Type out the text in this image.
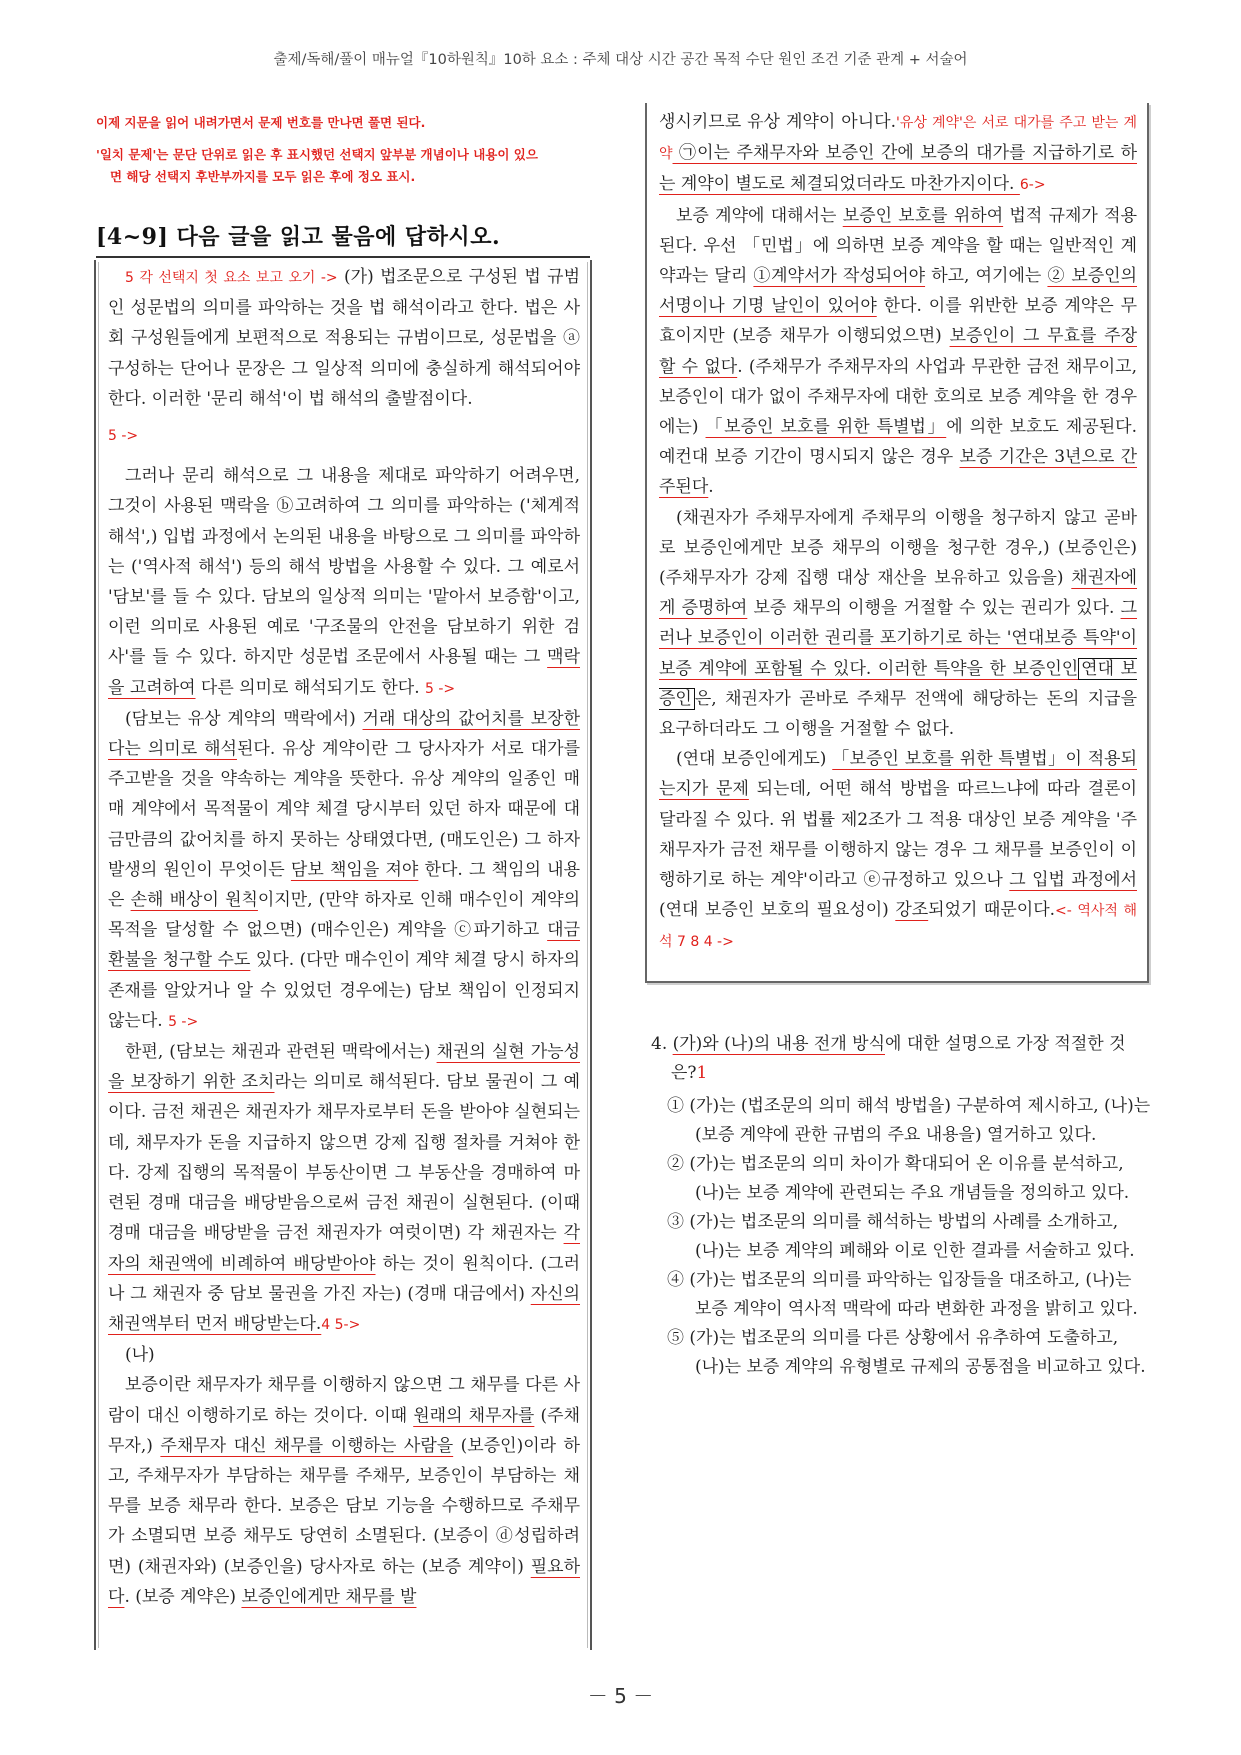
출제/독해/풀이 매뉴얼『10하원칙』10하 요소 : 주체 대상 시간 공간 목적 수단 원인 조건 기준 관계 + 서술어
이제 지문을 읽어 내려가면서 문제 번호를 만나면 풀면 된다.
'일치 문제'는 문단 단위로 읽은 후 표시했던 선택지 앞부분 개념이나 내용이 있으
면 해당 선택지 후반부까지를 모두 읽은 후에 정오 표시.
[4~9] 다음 글을 읽고 물음에 답하시오.

5 각 선택지 첫 요소 보고 오기 -> (가) 법조문으로 구성된 법 규범인 성문법의 의미를 파악하는 것을 법 해석이라고 한다. 법은 사회 구성원들에게 보편적으로 적용되는 규범이므로, 성문법을 ⓐ구성하는 단어나 문장은 그 일상적 의미에 충실하게 해석되어야 한다. 이러한 '문리 해석'이 법 해석의 출발점이다.

5 ->

그러나 문리 해석으로 그 내용을 제대로 파악하기 어려우면, 그것이 사용된 맥락을 ⓑ고려하여 그 의미를 파악하는 ('체계적 해석',) 입법 과정에서 논의된 내용을 바탕으로 그 의미를 파악하는 ('역사적 해석') 등의 해석 방법을 사용할 수 있다. 그 예로서 '담보'를 들 수 있다. 담보의 일상적 의미는 '맡아서 보증함'이고, 이런 의미로 사용된 예로 '구조물의 안전을 담보하기 위한 검사'를 들 수 있다. 하지만 성문법 조문에서 사용될 때는 그 맥락을 고려하여 다른 의미로 해석되기도 한다. 5 ->

(담보는 유상 계약의 맥락에서) 거래 대상의 값어치를 보장한다는 의미로 해석된다. 유상 계약이란 그 당사자가 서로 대가를 주고받을 것을 약속하는 계약을 뜻한다. 유상 계약의 일종인 매매 계약에서 목적물이 계약 체결 당시부터 있던 하자 때문에 대금만큼의 값어치를 하지 못하는 상태였다면, (매도인은) 그 하자 발생의 원인이 무엇이든 담보 책임을 져야 한다. 그 책임의 내용은 손해 배상이 원칙이지만, (만약 하자로 인해 매수인이 계약의 목적을 달성할 수 없으면) (매수인은) 계약을 ⓒ파기하고 대금 환불을 청구할 수도 있다. (다만 매수인이 계약 체결 당시 하자의 존재를 알았거나 알 수 있었던 경우에는) 담보 책임이 인정되지 않는다. 5 ->

한편, (담보는 채권과 관련된 맥락에서는) 채권의 실현 가능성을 보장하기 위한 조치라는 의미로 해석된다. 담보 물권이 그 예이다. 금전 채권은 채권자가 채무자로부터 돈을 받아야 실현되는데, 채무자가 돈을 지급하지 않으면 강제 집행 절차를 거쳐야 한다. 강제 집행의 목적물이 부동산이면 그 부동산을 경매하여 마련된 경매 대금을 배당받음으로써 금전 채권이 실현된다. (이때 경매 대금을 배당받을 금전 채권자가 여럿이면) 각 채권자는 각자의 채권액에 비례하여 배당받아야 하는 것이 원칙이다. (그러나 그 채권자 중 담보 물권을 가진 자는) (경매 대금에서) 자신의 채권액부터 먼저 배당받는다.4 5->

(나)

보증이란 채무자가 채무를 이행하지 않으면 그 채무를 다른 사람이 대신 이행하기로 하는 것이다. 이때 원래의 채무자를 (주채무자,) 주채무자 대신 채무를 이행하는 사람을 (보증인)이라 하고, 주채무자가 부담하는 채무를 주채무, 보증인이 부담하는 채무를 보증 채무라 한다. 보증은 담보 기능을 수행하므로 주채무가 소멸되면 보증 채무도 당연히 소멸된다. (보증이 ⓓ성립하려면) (채권자와) (보증인을) 당사자로 하는 (보증 계약이) 필요하다. (보증 계약은) 보증인에게만 채무를 발

생시키므로 유상 계약이 아니다.'유상 계약'은 서로 대가를 주고 받는 계약 ㉠이는 주채무자와 보증인 간에 보증의 대가를 지급하기로 하는 계약이 별도로 체결되었더라도 마찬가지이다. 6->

보증 계약에 대해서는 보증인 보호를 위하여 법적 규제가 적용된다. 우선 「민법」에 의하면 보증 계약을 할 때는 일반적인 계약과는 달리 ①계약서가 작성되어야 하고, 여기에는 ② 보증인의 서명이나 기명 날인이 있어야 한다. 이를 위반한 보증 계약은 무효이지만 (보증 채무가 이행되었으면) 보증인이 그 무효를 주장할 수 없다. (주채무가 주채무자의 사업과 무관한 금전 채무이고, 보증인이 대가 없이 주채무자에 대한 호의로 보증 계약을 한 경우에는) 「보증인 보호를 위한 특별법」에 의한 보호도 제공된다. 예컨대 보증 기간이 명시되지 않은 경우 보증 기간은 3년으로 간주된다.

(채권자가 주채무자에게 주채무의 이행을 청구하지 않고 곧바로 보증인에게만 보증 채무의 이행을 청구한 경우,) (보증인은) (주채무자가 강제 집행 대상 재산을 보유하고 있음을) 채권자에게 증명하여 보증 채무의 이행을 거절할 수 있는 권리가 있다. 그러나 보증인이 이러한 권리를 포기하기로 하는 '연대보증 특약'이 보증 계약에 포함될 수 있다. 이러한 특약을 한 보증인인 연대 보증인 은, 채권자가 곧바로 주채무 전액에 해당하는 돈의 지급을 요구하더라도 그 이행을 거절할 수 없다.

(연대 보증인에게도) 「보증인 보호를 위한 특별법」이 적용되는지가 문제 되는데, 어떤 해석 방법을 따르느냐에 따라 결론이 달라질 수 있다. 위 법률 제2조가 그 적용 대상인 보증 계약을 '주채무자가 금전 채무를 이행하지 않는 경우 그 채무를 보증인이 이행하기로 하는 계약'이라고 ⓔ규정하고 있으나 그 입법 과정에서 (연대 보증인 보호의 필요성이) 강조되었기 때문이다.<- 역사적 해석 7 8 4 ->

4. (가)와 (나)의 내용 전개 방식에 대한 설명으로 가장 적절한 것은?1

① (가)는 (법조문의 의미 해석 방법을) 구분하여 제시하고, (나)는 (보증 계약에 관한 규범의 주요 내용을) 열거하고 있다.

② (가)는 법조문의 의미 차이가 확대되어 온 이유를 분석하고, (나)는 보증 계약에 관련되는 주요 개념들을 정의하고 있다.

③ (가)는 법조문의 의미를 해석하는 방법의 사례를 소개하고, (나)는 보증 계약의 폐해와 이로 인한 결과를 서술하고 있다.

④ (가)는 법조문의 의미를 파악하는 입장들을 대조하고, (나)는 보증 계약이 역사적 맥락에 따라 변화한 과정을 밝히고 있다.

⑤ (가)는 법조문의 의미를 다른 상황에서 유추하여 도출하고, (나)는 보증 계약의 유형별로 규제의 공통점을 비교하고 있다.

－ 5 －
